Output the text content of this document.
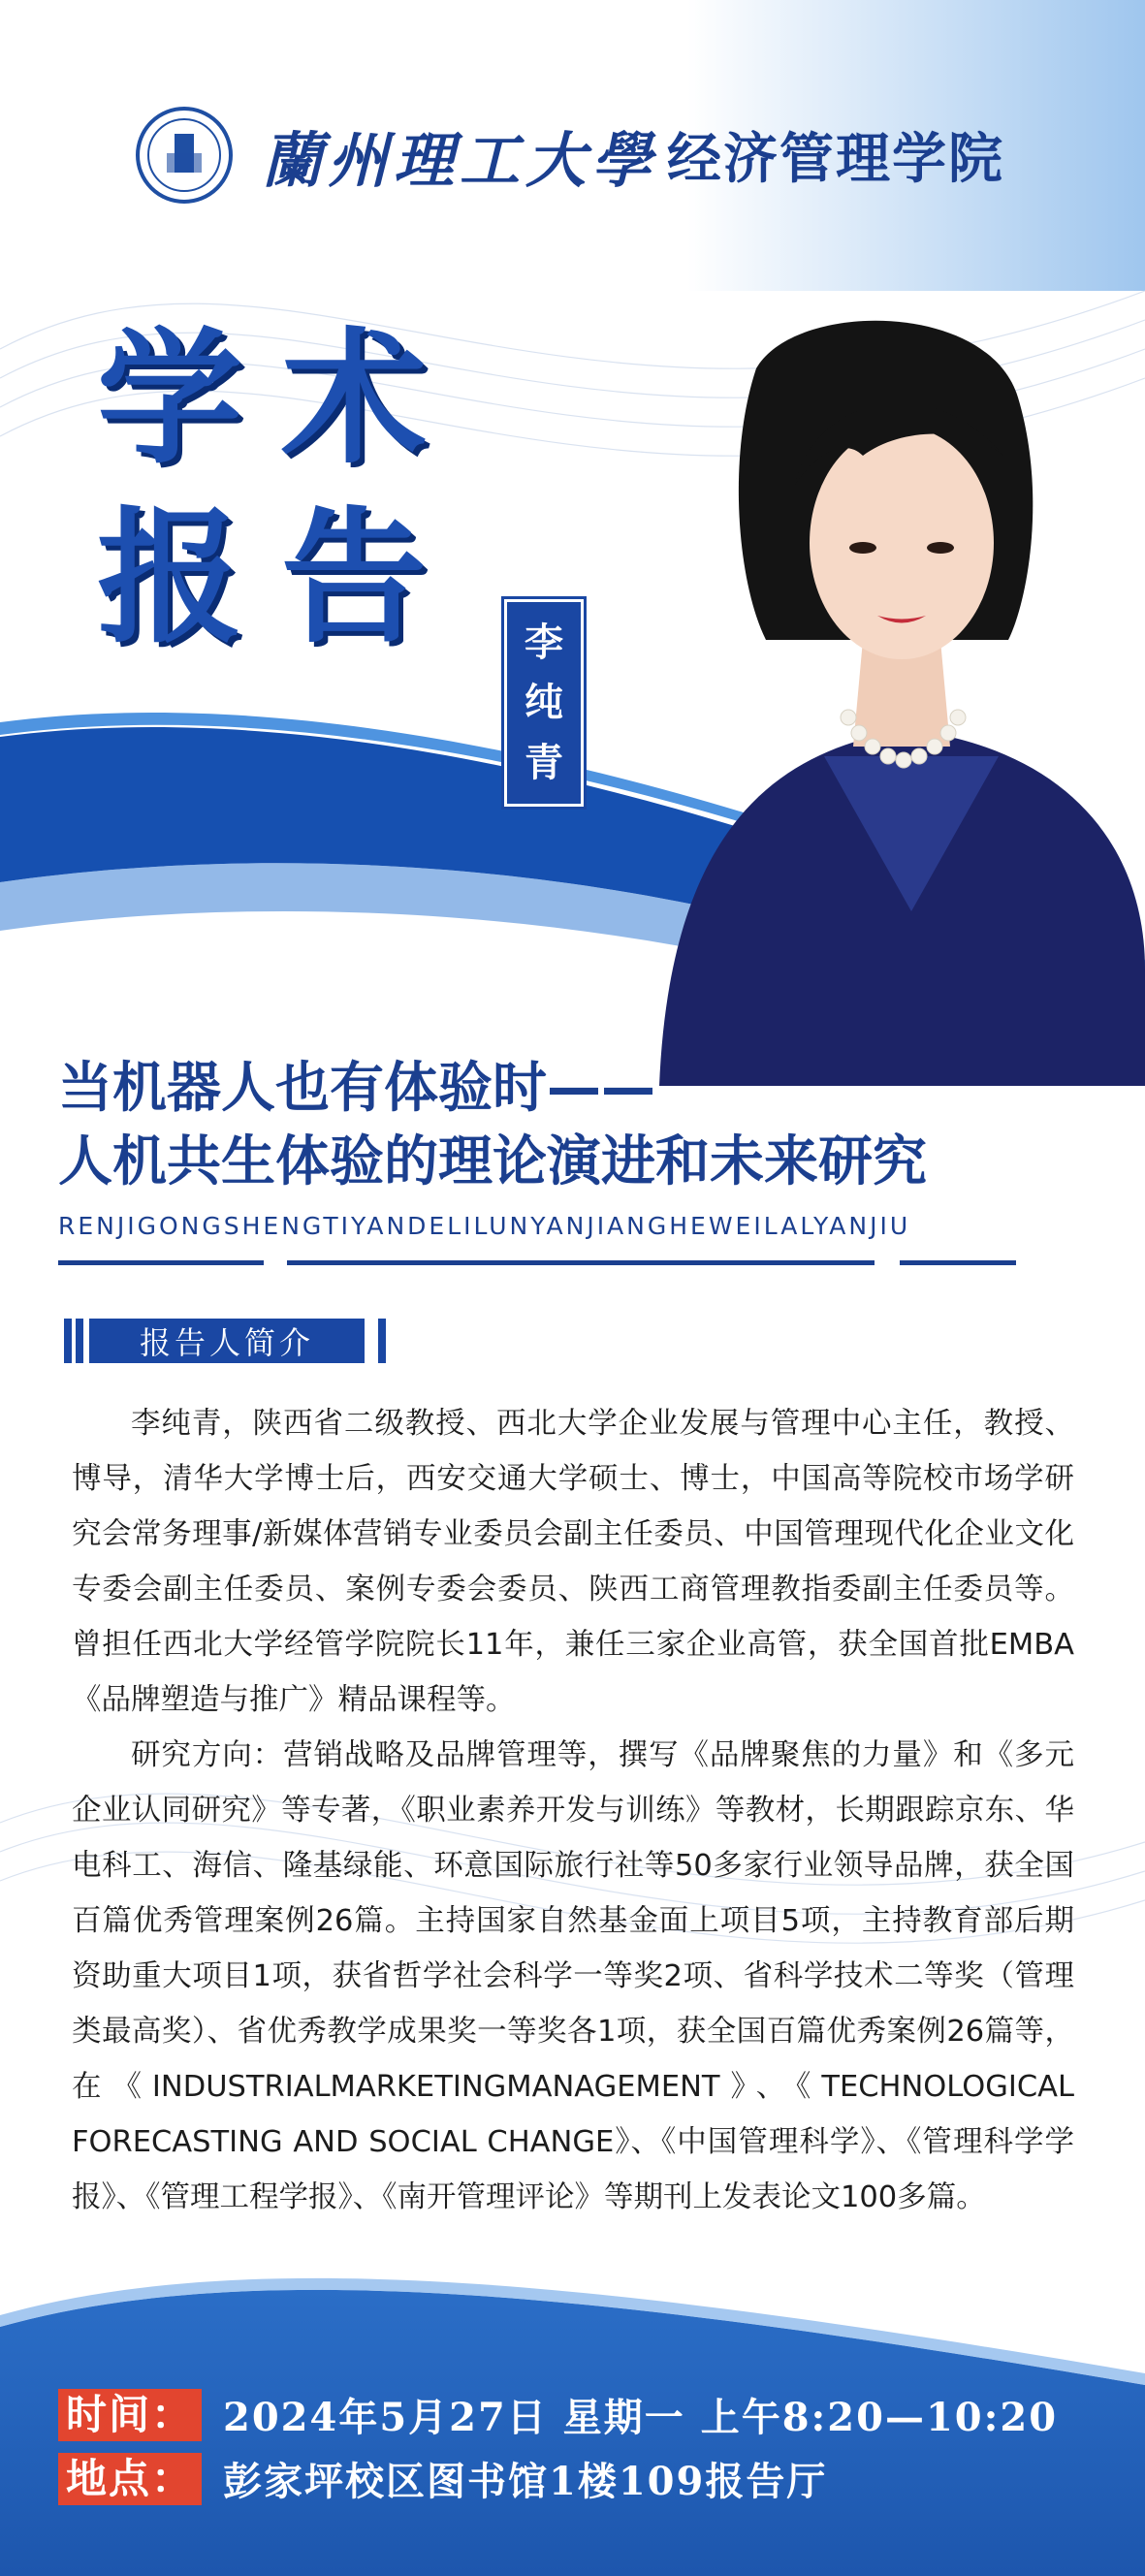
蘭州理工大學 经济管理学院
学术
报告 李
纯
青
当机器人也有体验时——
人机共生体验的理论演进和未来研究
RENJIGONGSHENGTIYANDELILUNYANJIANGHEWEILALYANJIU
报告人简介

李纯青，陕西省二级教授、西北大学企业发展与管理中心主任，教授、博导，清华大学博士后，西安交通大学硕士、博士，中国高等院校市场学研究会常务理事/新媒体营销专业委员会副主任委员、中国管理现代化企业文化专委会副主任委员、案例专委会委员、陕西工商管理教指委副主任委员等。曾担任西北大学经管学院院长11年，兼任三家企业高管，获全国首批EMBA《品牌塑造与推广》精品课程等。

研究方向：营销战略及品牌管理等，撰写《品牌聚焦的力量》和《多元企业认同研究》等专著，《职业素养开发与训练》等教材，长期跟踪京东、华电科工、海信、隆基绿能、环意国际旅行社等50多家行业领导品牌，获全国百篇优秀管理案例26篇。主持国家自然基金面上项目5项，主持教育部后期资助重大项目1项，获省哲学社会科学一等奖2项、省科学技术二等奖（管理类最高奖）、省优秀教学成果奖一等奖各1项，获全国百篇优秀案例26篇等，在《INDUSTRIALMARKETINGMANAGEMENT》、《TECHNOLOGICAL FORECASTING AND SOCIAL CHANGE》、《中国管理科学》、《管理科学学报》、《管理工程学报》、《南开管理评论》等期刊上发表论文100多篇。

时间： 2024年5月27日 星期一 上午8:20—10:20
地点： 彭家坪校区图书馆1楼109报告厅
